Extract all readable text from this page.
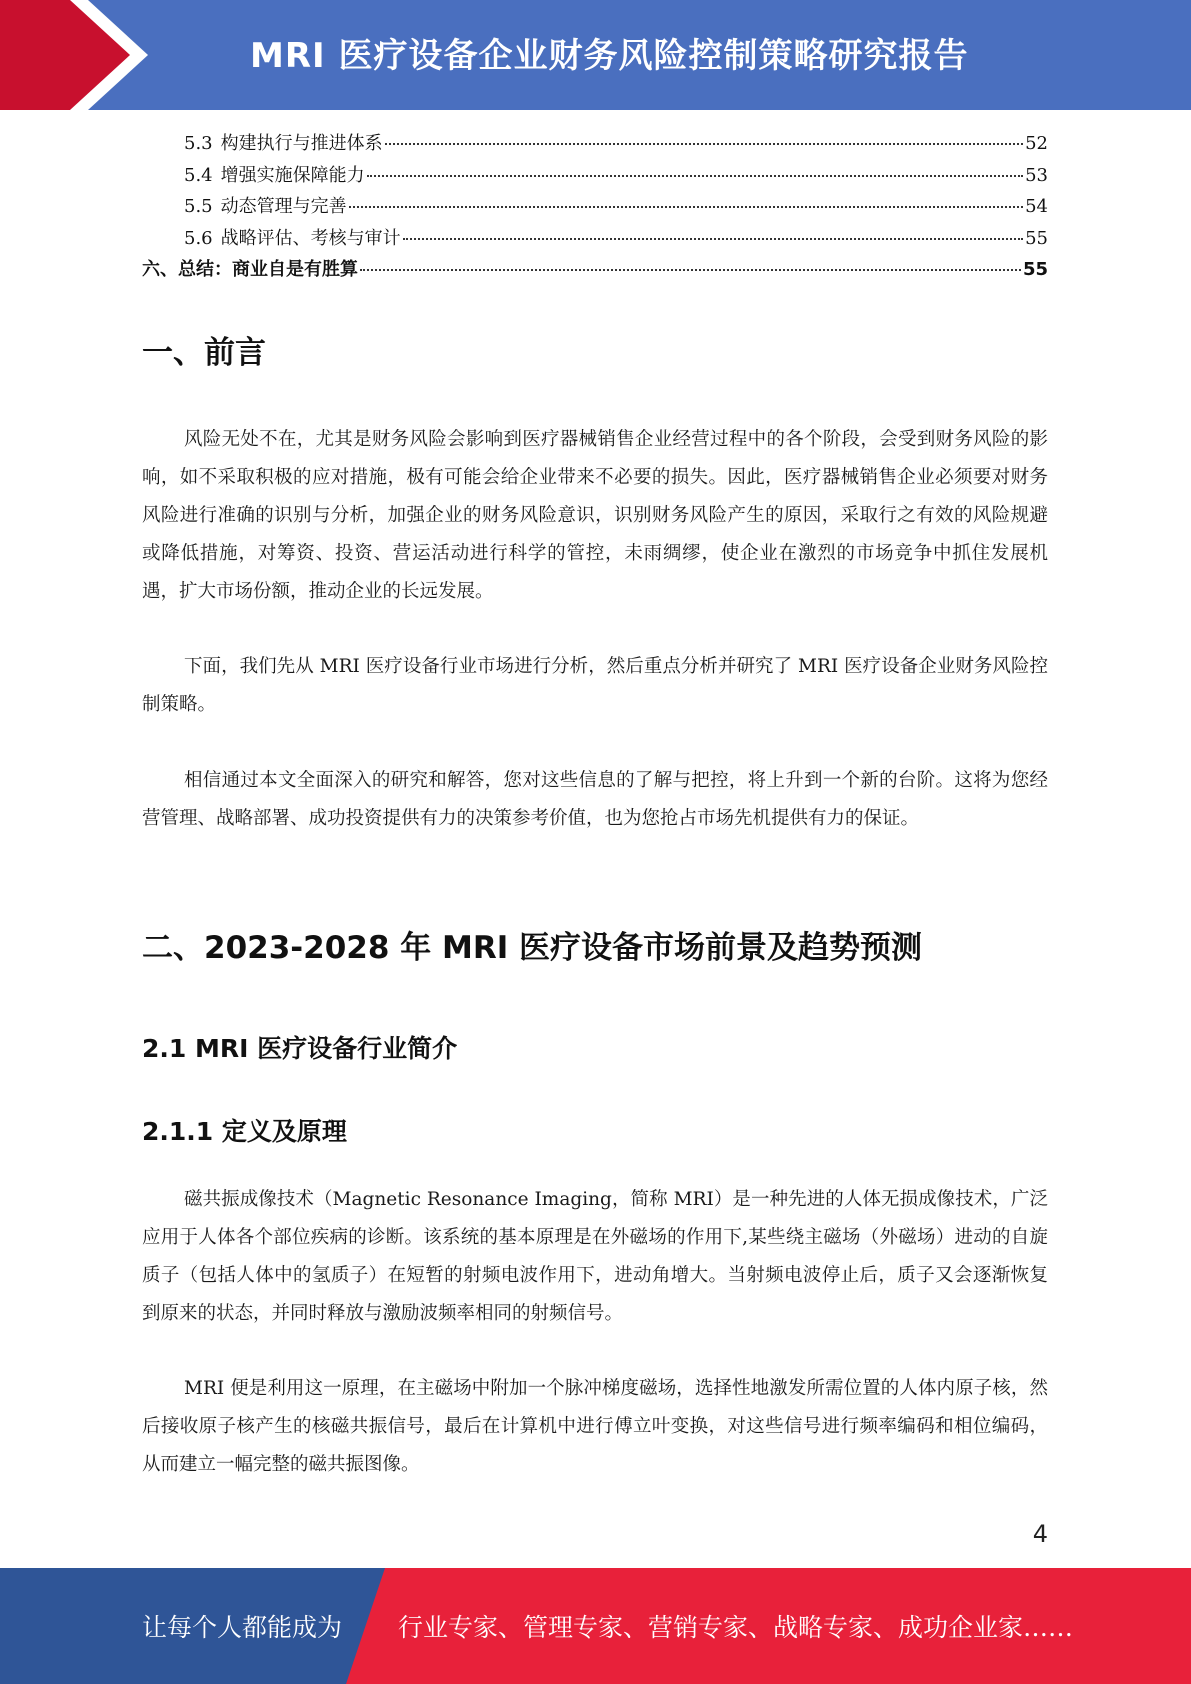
MRI 医疗设备企业财务风险控制策略研究报告
5.3 构建执行与推进体系	52
5.4 增强实施保障能力	53
5.5 动态管理与完善	54
5.6 战略评估、考核与审计	55
六、总结：商业自是有胜算	55
一、前言

风险无处不在，尤其是财务风险会影响到医疗器械销售企业经营过程中的各个阶段，会受到财务风险的影响，如不采取积极的应对措施，极有可能会给企业带来不必要的损失。因此，医疗器械销售企业必须要对财务风险进行准确的识别与分析，加强企业的财务风险意识，识别财务风险产生的原因，采取行之有效的风险规避或降低措施，对筹资、投资、营运活动进行科学的管控，未雨绸缪，使企业在激烈的市场竞争中抓住发展机遇，扩大市场份额，推动企业的长远发展。

下面，我们先从 MRI 医疗设备行业市场进行分析，然后重点分析并研究了 MRI 医疗设备企业财务风险控制策略。

相信通过本文全面深入的研究和解答，您对这些信息的了解与把控，将上升到一个新的台阶。这将为您经营管理、战略部署、成功投资提供有力的决策参考价值，也为您抢占市场先机提供有力的保证。

二、2023-2028 年 MRI 医疗设备市场前景及趋势预测
2.1 MRI 医疗设备行业简介
2.1.1 定义及原理

磁共振成像技术（Magnetic Resonance Imaging，简称 MRI）是一种先进的人体无损成像技术，广泛应用于人体各个部位疾病的诊断。该系统的基本原理是在外磁场的作用下,某些绕主磁场（外磁场）进动的自旋质子（包括人体中的氢质子）在短暂的射频电波作用下，进动角增大。当射频电波停止后，质子又会逐渐恢复到原来的状态，并同时释放与激励波频率相同的射频信号。

MRI 便是利用这一原理，在主磁场中附加一个脉冲梯度磁场，选择性地激发所需位置的人体内原子核，然后接收原子核产生的核磁共振信号，最后在计算机中进行傅立叶变换，对这些信号进行频率编码和相位编码，从而建立一幅完整的磁共振图像。

4
让每个人都能成为 行业专家、管理专家、营销专家、战略专家、成功企业家……
